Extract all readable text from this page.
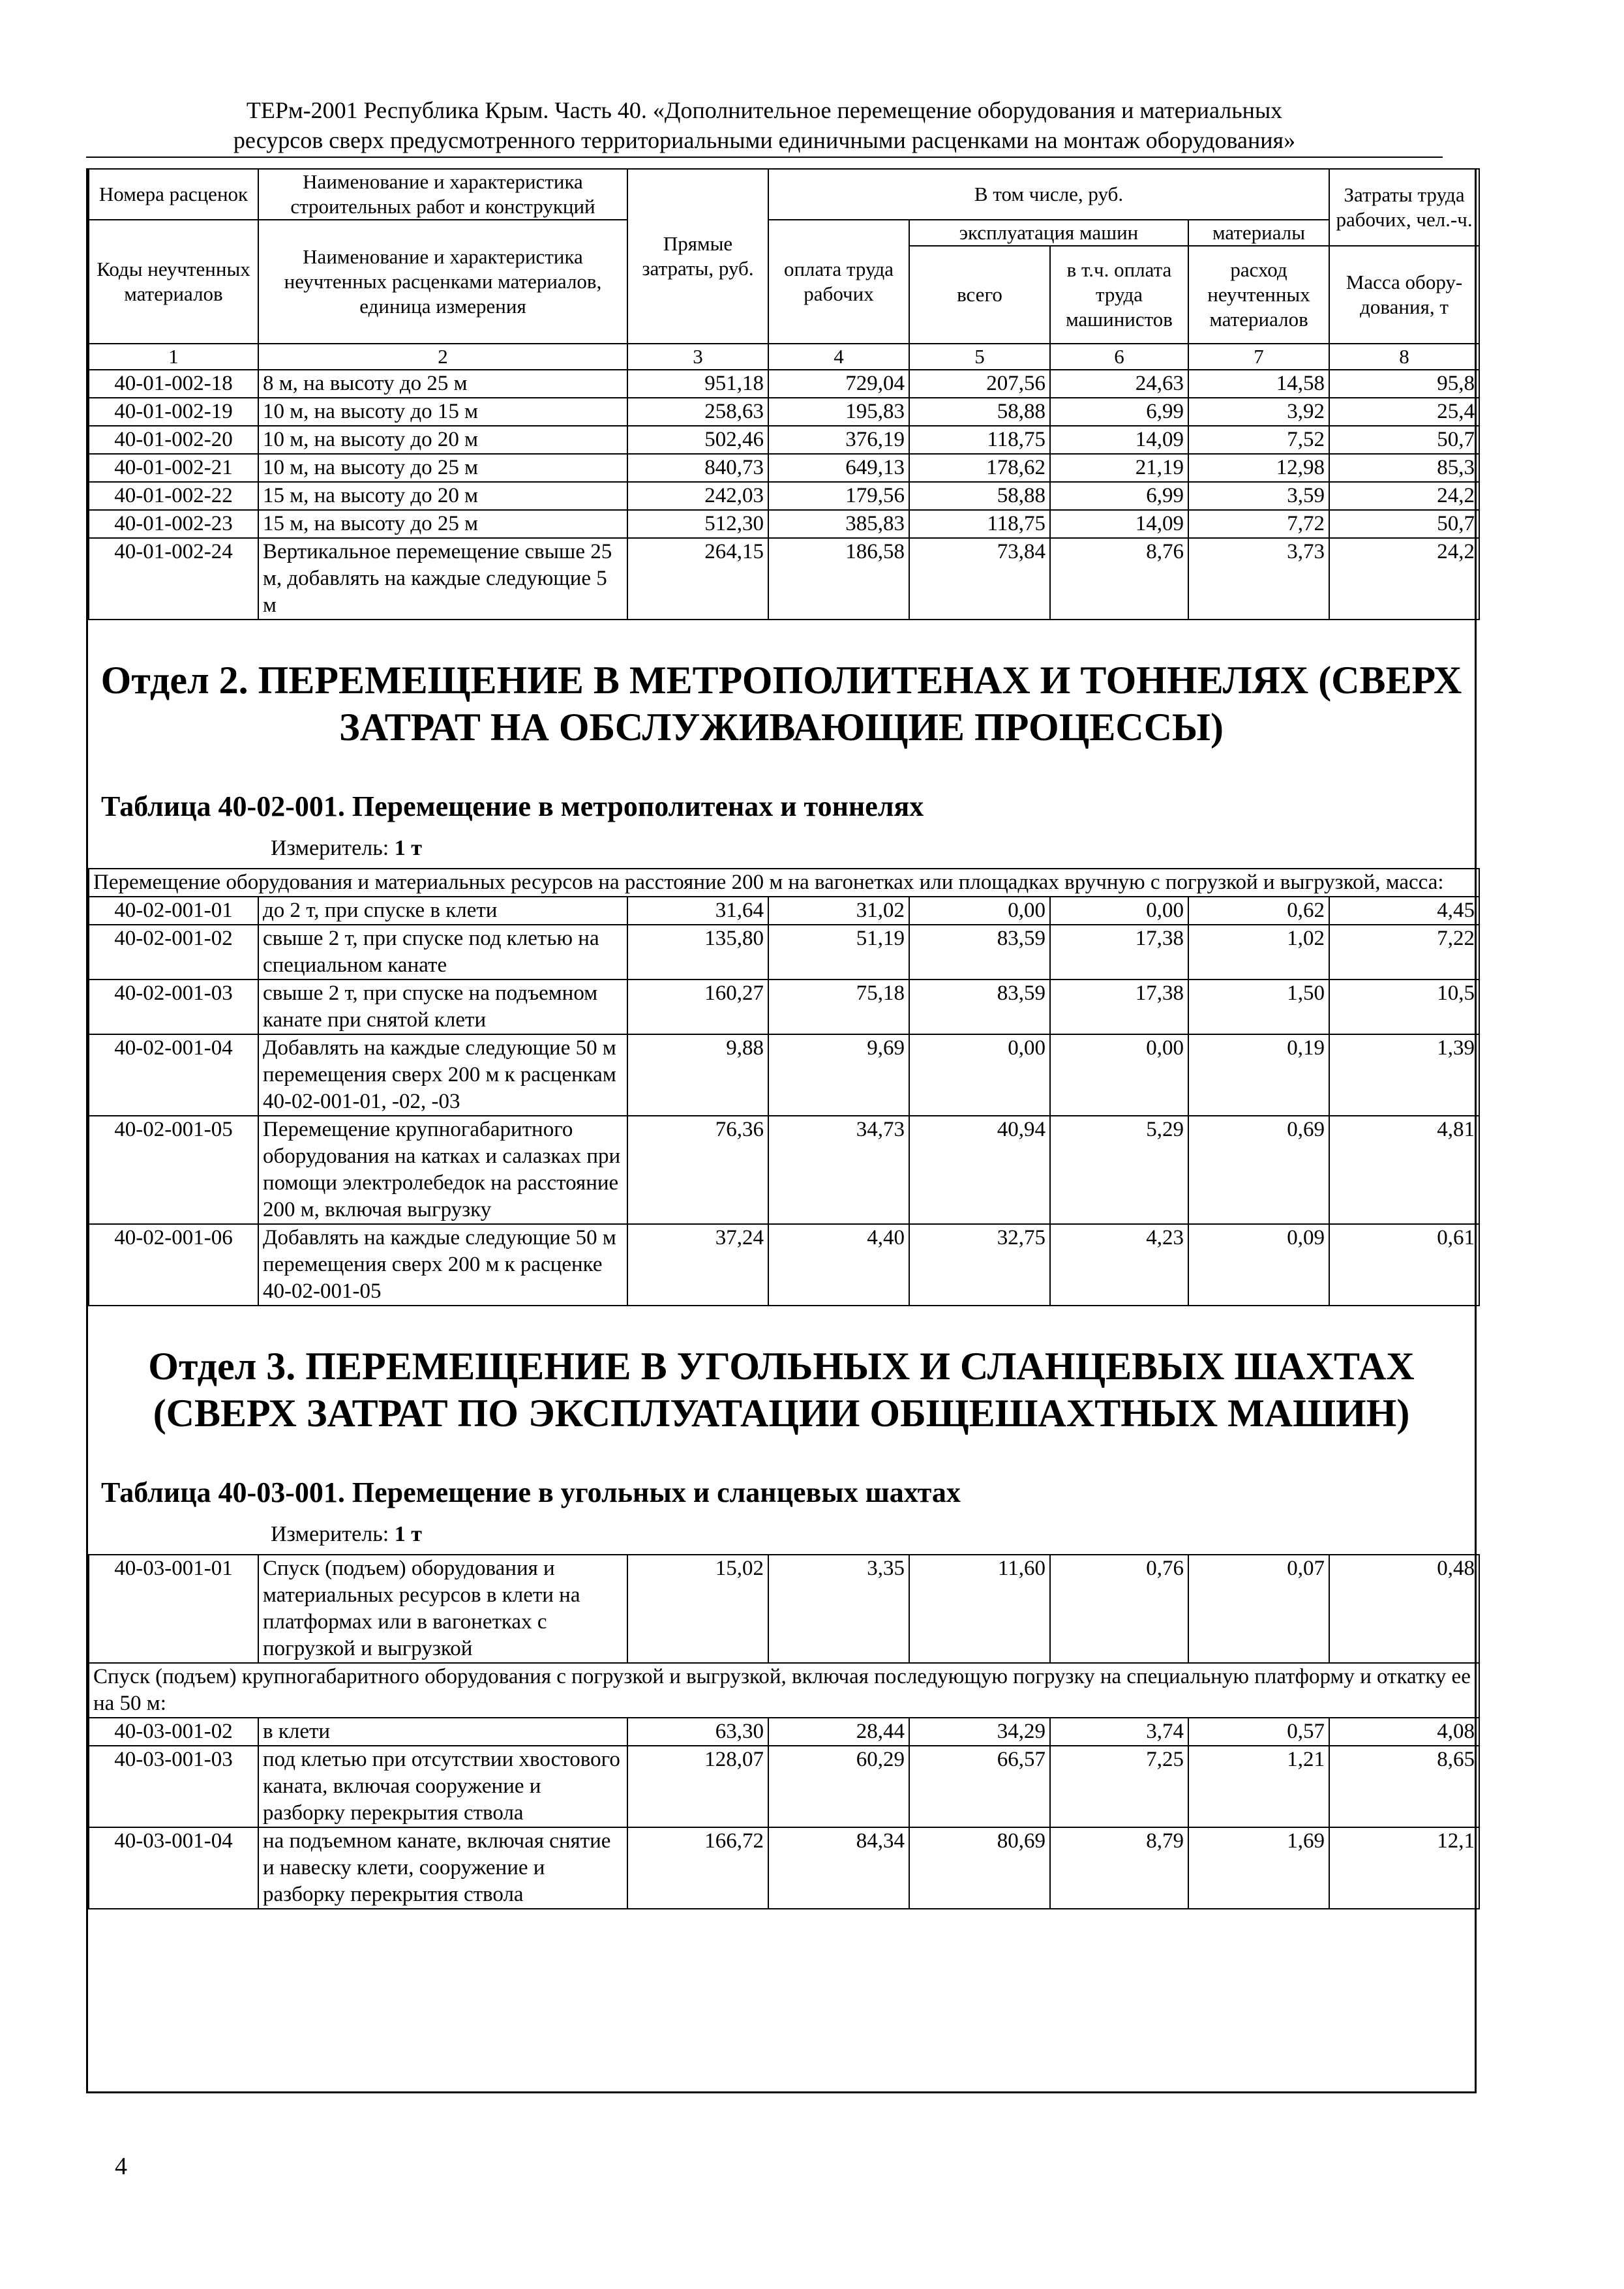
ТЕРм-2001 Республика Крым. Часть 40. «Дополнительное перемещение оборудования и материальных
ресурсов сверх предусмотренного территориальными единичными расценками на монтаж оборудования»
Номера расценок	Наименование и характеристика строительных работ и конструкций	Прямые затраты, руб.	В том числе, руб.				Затраты труда рабочих, чел.-ч.
Коды неучтенных материалов	Наименование и характеристика неучтенных расценками материалов, единица измерения		оплата труда рабочих	эксплуатация машин		материалы	
				всего	в т.ч. оплата труда машинистов	расход неучтенных материалов	Масса обору-дования, т
1	2	3	4	5	6	7	8
40-01-002-18	8 м, на высоту до 25 м	951,18	729,04	207,56	24,63	14,58	95,8
40-01-002-19	10 м, на высоту до 15 м	258,63	195,83	58,88	6,99	3,92	25,4
40-01-002-20	10 м, на высоту до 20 м	502,46	376,19	118,75	14,09	7,52	50,7
40-01-002-21	10 м, на высоту до 25 м	840,73	649,13	178,62	21,19	12,98	85,3
40-01-002-22	15 м, на высоту до 20 м	242,03	179,56	58,88	6,99	3,59	24,2
40-01-002-23	15 м, на высоту до 25 м	512,30	385,83	118,75	14,09	7,72	50,7
40-01-002-24	Вертикальное перемещение свыше 25 м, добавлять на каждые следующие 5 м	264,15	186,58	73,84	8,76	3,73	24,2
Отдел 2. ПЕРЕМЕЩЕНИЕ В МЕТРОПОЛИТЕНАХ И ТОННЕЛЯХ (СВЕРХ ЗАТРАТ НА ОБСЛУЖИВАЮЩИЕ ПРОЦЕССЫ)
Таблица 40-02-001. Перемещение в метрополитенах и тоннелях
Измеритель: 1 т
Перемещение оборудования и материальных ресурсов на расстояние 200 м на вагонетках или площадках вручную с погрузкой и выгрузкой, масса:							
40-02-001-01	до 2 т, при спуске в клети	31,64	31,02	0,00	0,00	0,62	4,45
40-02-001-02	свыше 2 т, при спуске под клетью на специальном канате	135,80	51,19	83,59	17,38	1,02	7,22
40-02-001-03	свыше 2 т, при спуске на подъемном канате при снятой клети	160,27	75,18	83,59	17,38	1,50	10,5
40-02-001-04	Добавлять на каждые следующие 50 м перемещения сверх 200 м к расценкам 40-02-001-01, -02, -03	9,88	9,69	0,00	0,00	0,19	1,39
40-02-001-05	Перемещение крупногабаритного оборудования на катках и салазках при помощи электролебедок на расстояние 200 м, включая выгрузку	76,36	34,73	40,94	5,29	0,69	4,81
40-02-001-06	Добавлять на каждые следующие 50 м перемещения сверх 200 м к расценке 40-02-001-05	37,24	4,40	32,75	4,23	0,09	0,61
Отдел 3. ПЕРЕМЕЩЕНИЕ В УГОЛЬНЫХ И СЛАНЦЕВЫХ ШАХТАХ (СВЕРХ ЗАТРАТ ПО ЭКСПЛУАТАЦИИ ОБЩЕШАХТНЫХ МАШИН)
Таблица 40-03-001. Перемещение в угольных и сланцевых шахтах
Измеритель: 1 т
40-03-001-01	Спуск (подъем) оборудования и материальных ресурсов в клети на платформах или в вагонетках с погрузкой и выгрузкой	15,02	3,35	11,60	0,76	0,07	0,48
Спуск (подъем) крупногабаритного оборудования с погрузкой и выгрузкой, включая последующую погрузку на специальную платформу и откатку ее на 50 м:							
40-03-001-02	в клети	63,30	28,44	34,29	3,74	0,57	4,08
40-03-001-03	под клетью при отсутствии хвостового каната, включая сооружение и разборку перекрытия ствола	128,07	60,29	66,57	7,25	1,21	8,65
40-03-001-04	на подъемном канате, включая снятие и навеску клети, сооружение и разборку перекрытия ствола	166,72	84,34	80,69	8,79	1,69	12,1
4
